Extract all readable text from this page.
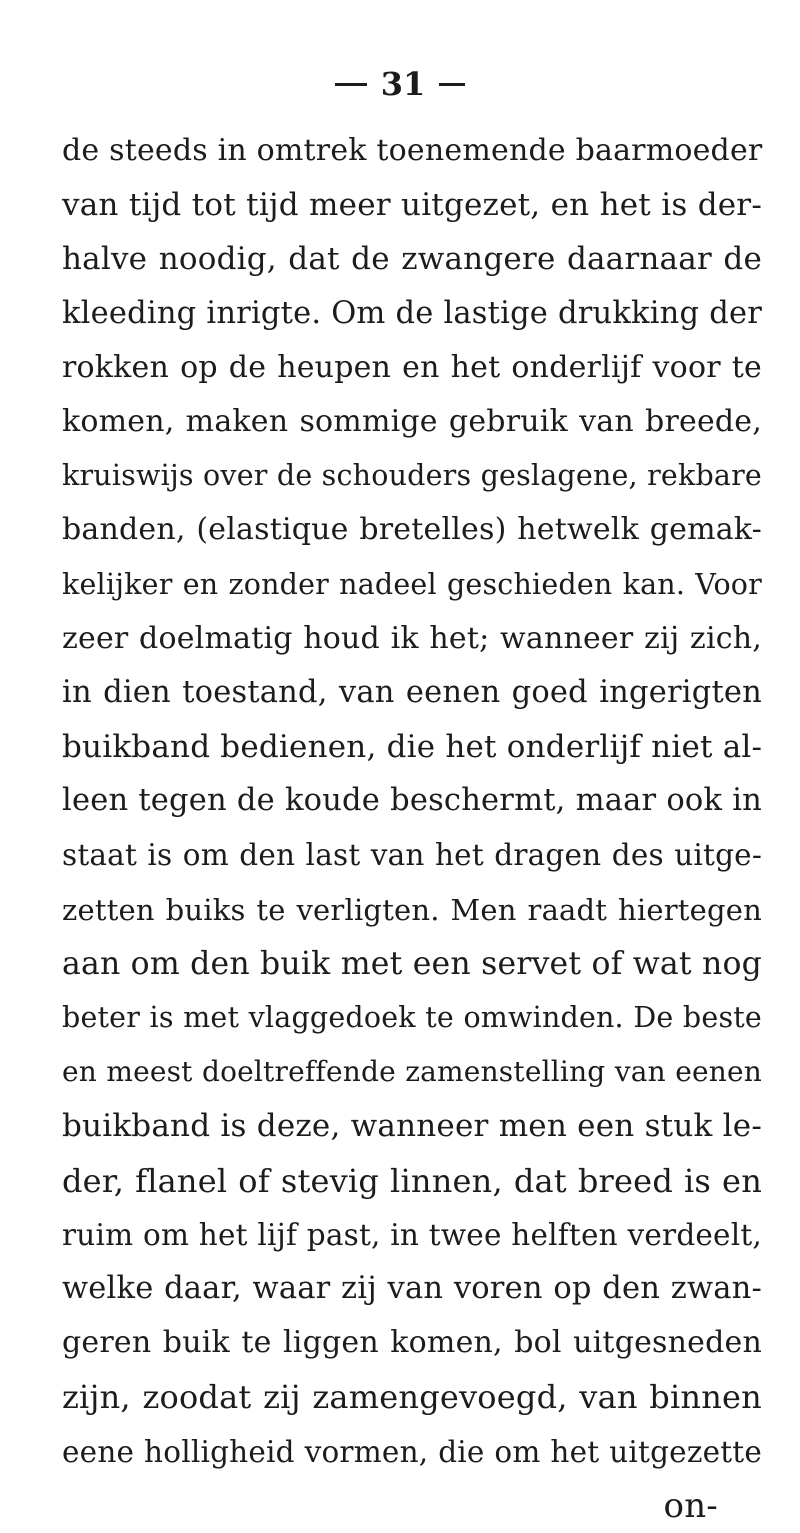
31
de steeds in omtrek toenemende baarmoeder
van tijd tot tijd meer uitgezet, en het is der-
halve noodig, dat de zwangere daarnaar de
kleeding inrigte. Om de lastige drukking der
rokken op de heupen en het onderlijf voor te
komen, maken sommige gebruik van breede,
kruiswijs over de schouders geslagene, rekbare
banden, (elastique bretelles) hetwelk gemak-
kelijker en zonder nadeel geschieden kan. Voor
zeer doelmatig houd ik het; wanneer zij zich,
in dien toestand, van eenen goed ingerigten
buikband bedienen, die het onderlijf niet al-
leen tegen de koude beschermt, maar ook in
staat is om den last van het dragen des uitge-
zetten buiks te verligten. Men raadt hiertegen
aan om den buik met een servet of wat nog
beter is met vlaggedoek te omwinden. De beste
en meest doeltreffende zamenstelling van eenen
buikband is deze, wanneer men een stuk le-
der, flanel of stevig linnen, dat breed is en
ruim om het lijf past, in twee helften verdeelt,
welke daar, waar zij van voren op den zwan-
geren buik te liggen komen, bol uitgesneden
zijn, zoodat zij zamengevoegd, van binnen
eene holligheid vormen, die om het uitgezette
on-
